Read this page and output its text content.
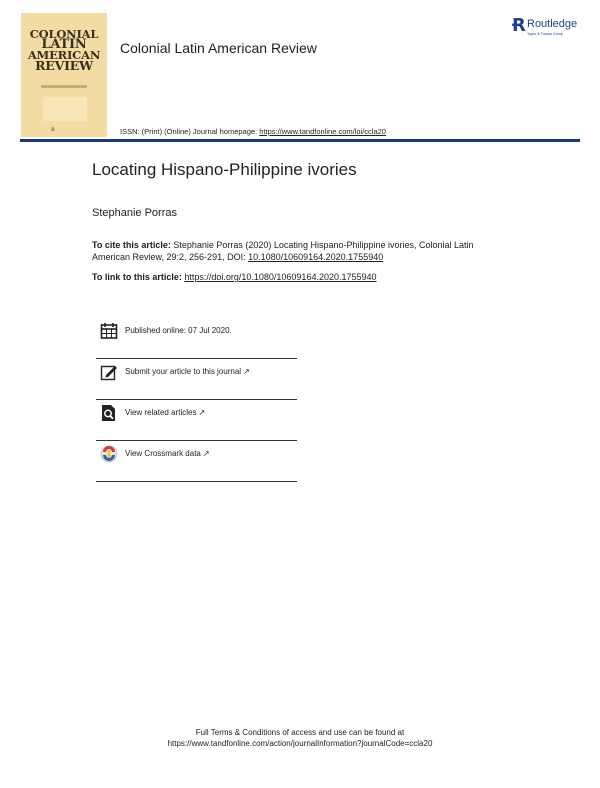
COLONIAL
LATIN
AMERICAN
REVIEW
R
Colonial Latin American Review
Ɍ Routledge
Taylor & Francis Group
ISSN: (Print) (Online) Journal homepage: https://www.tandfonline.com/loi/ccla20
Locating Hispano-Philippine ivories
Stephanie Porras
To cite this article: Stephanie Porras (2020) Locating Hispano-Philippine ivories, Colonial Latin American Review, 29:2, 256-291, DOI: 10.1080/10609164.2020.1755940
To link to this article: https://doi.org/10.1080/10609164.2020.1755940
Published online: 07 Jul 2020.
Submit your article to this journal ↗
View related articles ↗
View Crossmark data ↗
Full Terms & Conditions of access and use can be found at
https://www.tandfonline.com/action/journalInformation?journalCode=ccla20
